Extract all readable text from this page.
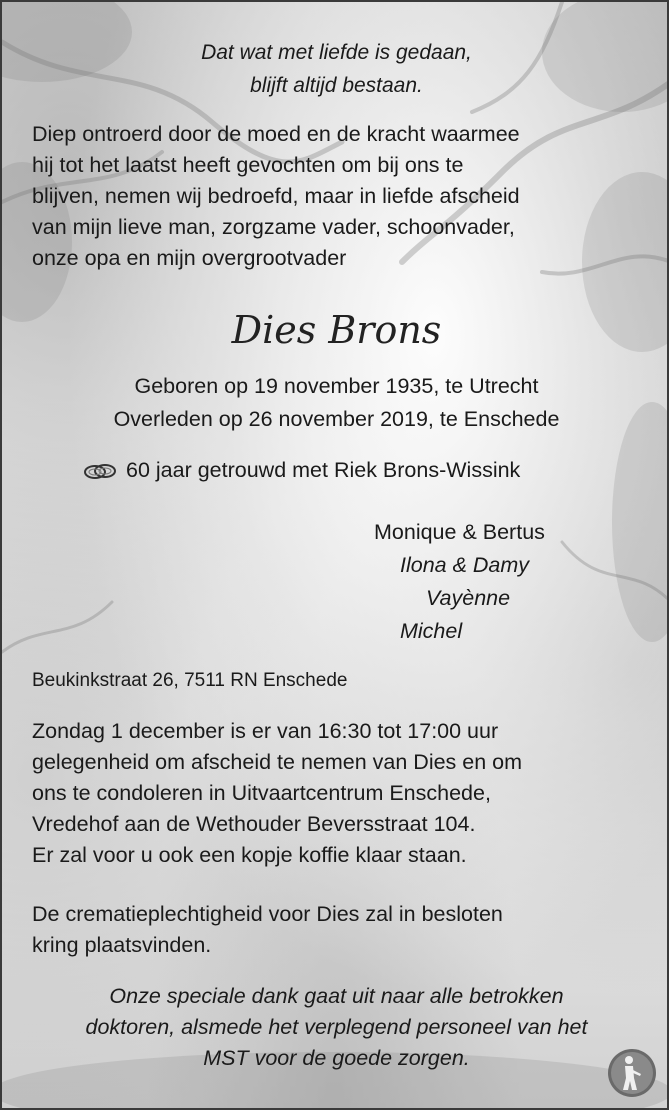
Dat wat met liefde is gedaan,
blijft altijd bestaan.
Diep ontroerd door de moed en de kracht waarmee
hij tot het laatst heeft gevochten om bij ons te
blijven, nemen wij bedroefd, maar in liefde afscheid
van mijn lieve man, zorgzame vader, schoonvader,
onze opa en mijn overgrootvader
Dies Brons
Geboren op 19 november 1935, te Utrecht
Overleden op 26 november 2019, te Enschede
60 jaar getrouwd met Riek Brons-Wissink
Monique & Bertus
Ilona & Damy
Vayènne
Michel
Beukinkstraat 26, 7511 RN Enschede
Zondag 1 december is er van 16:30 tot 17:00 uur
gelegenheid om afscheid te nemen van Dies en om
ons te condoleren in Uitvaartcentrum Enschede,
Vredehof aan de Wethouder Beversstraat 104.
Er zal voor u ook een kopje koffie klaar staan.
De crematieplechtigheid voor Dies zal in besloten
kring plaatsvinden.
Onze speciale dank gaat uit naar alle betrokken
doktoren, alsmede het verplegend personeel van het
MST voor de goede zorgen.
